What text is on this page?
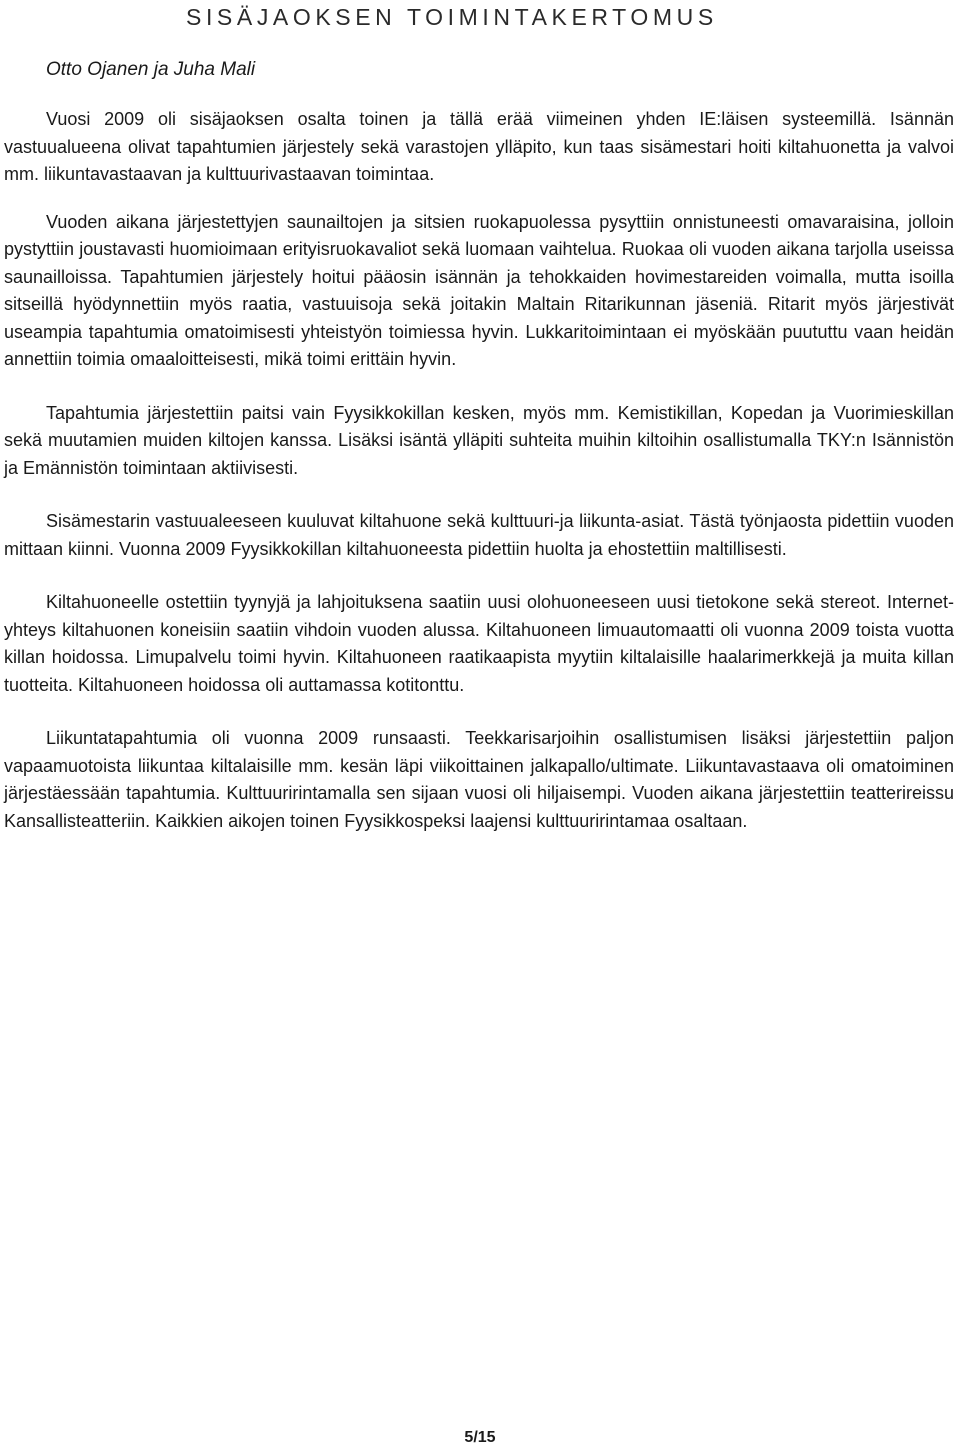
SISÄJAOKSEN TOIMINTAKERTOMUS
Otto Ojanen ja Juha Mali

Vuosi 2009 oli sisäjaoksen osalta toinen ja tällä erää viimeinen yhden IE:läisen systeemillä. Isännän vastuualueena olivat tapahtumien järjestely sekä varastojen ylläpito, kun taas sisämestari hoiti kiltahuonetta ja valvoi mm. liikuntavastaavan ja kulttuurivastaavan toimintaa.

Vuoden aikana järjestettyjen saunailtojen ja sitsien ruokapuolessa pysyttiin onnistuneesti omavaraisina, jolloin pystyttiin joustavasti huomioimaan erityisruokavaliot sekä luomaan vaihtelua. Ruokaa oli vuoden aikana tarjolla useissa saunailloissa. Tapahtumien järjestely hoitui pääosin isännän ja tehokkaiden hovimestareiden voimalla, mutta isoilla sitseillä hyödynnettiin myös raatia, vastuuisoja sekä joitakin Maltain Ritarikunnan jäseniä. Ritarit myös järjestivät useampia tapahtumia omatoimisesti yhteistyön toimiessa hyvin. Lukkaritoimintaan ei myöskään puututtu vaan heidän annettiin toimia omaaloitteisesti, mikä toimi erittäin hyvin.

Tapahtumia järjestettiin paitsi vain Fyysikkokillan kesken, myös mm. Kemistikillan, Kopedan ja Vuorimieskillan sekä muutamien muiden kiltojen kanssa. Lisäksi isäntä ylläpiti suhteita muihin kiltoihin osallistumalla TKY:n Isännistön ja Emännistön toimintaan aktiivisesti.

Sisämestarin vastuualeeseen kuuluvat kiltahuone sekä kulttuuri-ja liikunta-asiat. Tästä työnjaosta pidettiin vuoden mittaan kiinni. Vuonna 2009 Fyysikkokillan kiltahuoneesta pidettiin huolta ja ehostettiin maltillisesti.

Kiltahuoneelle ostettiin tyynyjä ja lahjoituksena saatiin uusi olohuoneeseen uusi tietokone sekä stereot. Internet-yhteys kiltahuonen koneisiin saatiin vihdoin vuoden alussa. Kiltahuoneen limuautomaatti oli vuonna 2009 toista vuotta killan hoidossa. Limupalvelu toimi hyvin. Kiltahuoneen raatikaapista myytiin kiltalaisille haalarimerkkejä ja muita killan tuotteita. Kiltahuoneen hoidossa oli auttamassa kotitonttu.

Liikuntatapahtumia oli vuonna 2009 runsaasti. Teekkarisarjoihin osallistumisen lisäksi järjestettiin paljon vapaamuotoista liikuntaa kiltalaisille mm. kesän läpi viikoittainen jalkapallo/ultimate. Liikuntavastaava oli omatoiminen järjestäessään tapahtumia. Kulttuuririntamalla sen sijaan vuosi oli hiljaisempi. Vuoden aikana järjestettiin teatterireissu Kansallisteatteriin. Kaikkien aikojen toinen Fyysikkospeksi laajensi kulttuuririntamaa osaltaan.

5/15
